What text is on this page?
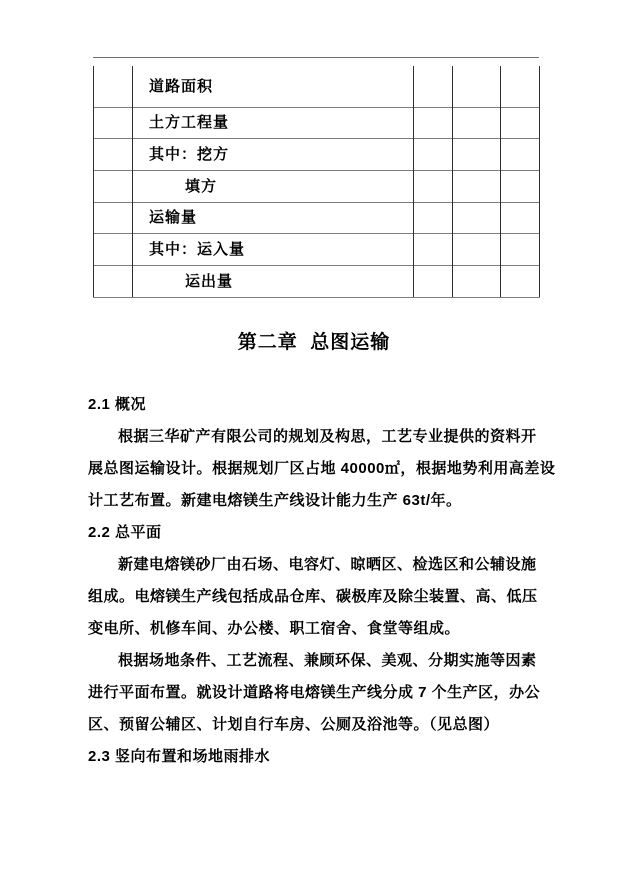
	道路面积			
	土方工程量			
	其中：挖方			
	填方			
	运输量			
	其中：运入量			
	运出量			
第二章  总图运输
2.1 概况
根据三华矿产有限公司的规划及构思，工艺专业提供的资料开
展总图运输设计。根据规划厂区占地 40000㎡，根据地势利用高差设
计工艺布置。新建电熔镁生产线设计能力生产 63t/年。
2.2 总平面
新建电熔镁砂厂由石场、电容灯、晾晒区、检选区和公辅设施
组成。电熔镁生产线包括成品仓库、碳极库及除尘装置、高、低压
变电所、机修车间、办公楼、职工宿舍、食堂等组成。
根据场地条件、工艺流程、兼顾环保、美观、分期实施等因素
进行平面布置。就设计道路将电熔镁生产线分成 7 个生产区，办公
区、预留公辅区、计划自行车房、公厕及浴池等。（见总图）
2.3 竖向布置和场地雨排水
